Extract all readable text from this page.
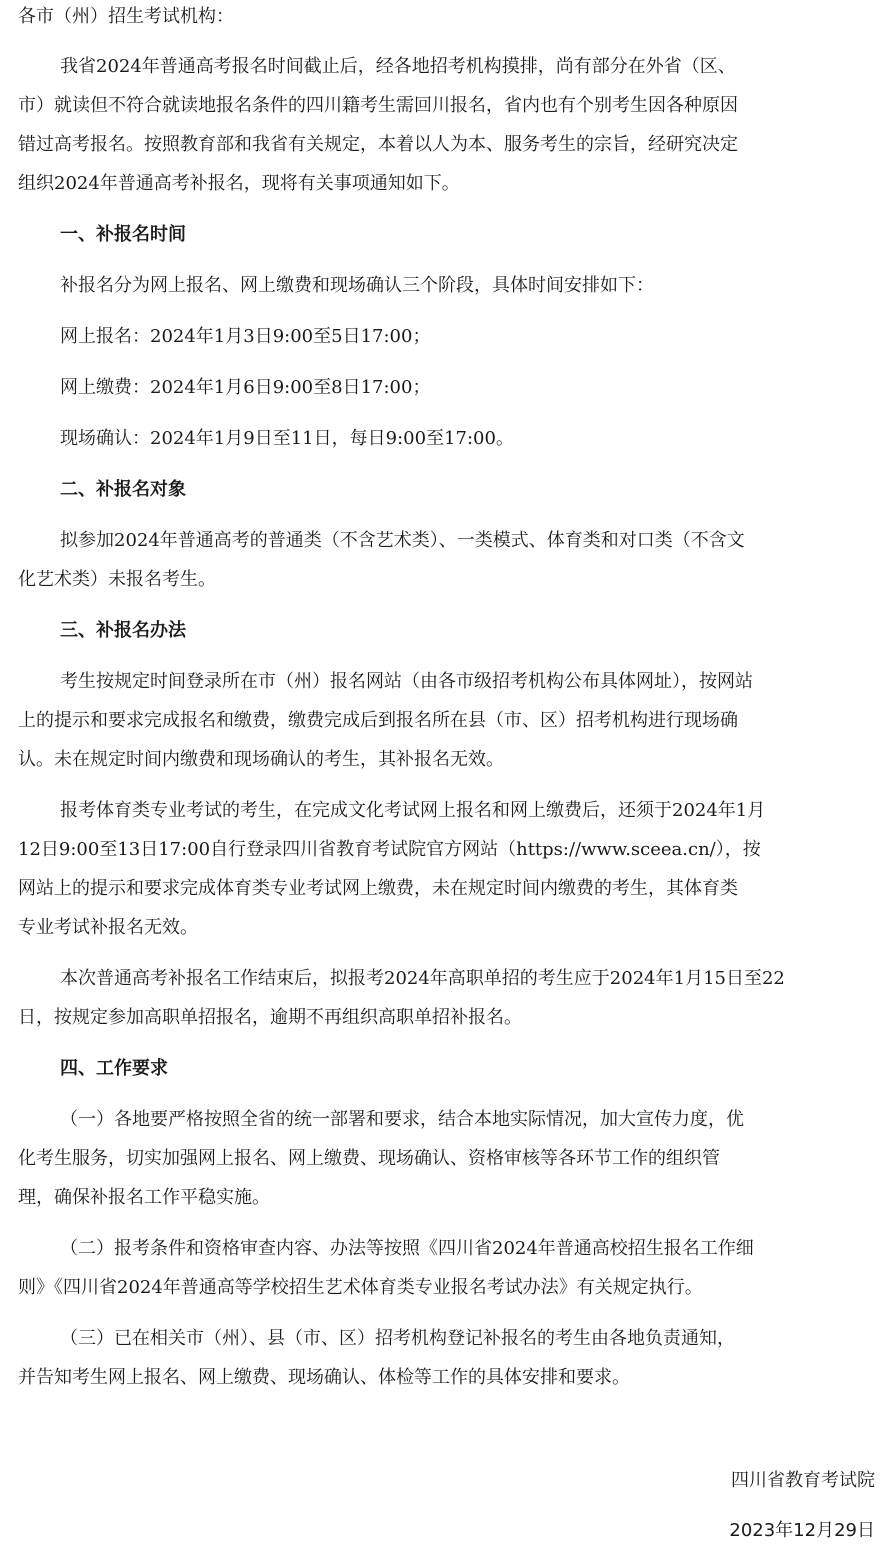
各市（州）招生考试机构：
我省2024年普通高考报名时间截止后，经各地招考机构摸排，尚有部分在外省（区、
市）就读但不符合就读地报名条件的四川籍考生需回川报名，省内也有个别考生因各种原因
错过高考报名。按照教育部和我省有关规定，本着以人为本、服务考生的宗旨，经研究决定
组织2024年普通高考补报名，现将有关事项通知如下。
一、补报名时间
补报名分为网上报名、网上缴费和现场确认三个阶段，具体时间安排如下：
网上报名：2024年1月3日9:00至5日17:00；
网上缴费：2024年1月6日9:00至8日17:00；
现场确认：2024年1月9日至11日，每日9:00至17:00。
二、补报名对象
拟参加2024年普通高考的普通类（不含艺术类）、一类模式、体育类和对口类（不含文
化艺术类）未报名考生。
三、补报名办法
考生按规定时间登录所在市（州）报名网站（由各市级招考机构公布具体网址），按网站
上的提示和要求完成报名和缴费，缴费完成后到报名所在县（市、区）招考机构进行现场确
认。未在规定时间内缴费和现场确认的考生，其补报名无效。
报考体育类专业考试的考生，在完成文化考试网上报名和网上缴费后，还须于2024年1月
12日9:00至13日17:00自行登录四川省教育考试院官方网站（https://www.sceea.cn/），按
网站上的提示和要求完成体育类专业考试网上缴费，未在规定时间内缴费的考生，其体育类
专业考试补报名无效。
本次普通高考补报名工作结束后，拟报考2024年高职单招的考生应于2024年1月15日至22
日，按规定参加高职单招报名，逾期不再组织高职单招补报名。
四、工作要求
（一）各地要严格按照全省的统一部署和要求，结合本地实际情况，加大宣传力度，优
化考生服务，切实加强网上报名、网上缴费、现场确认、资格审核等各环节工作的组织管
理，确保补报名工作平稳实施。
（二）报考条件和资格审查内容、办法等按照《四川省2024年普通高校招生报名工作细
则》《四川省2024年普通高等学校招生艺术体育类专业报名考试办法》有关规定执行。
（三）已在相关市（州）、县（市、区）招考机构登记补报名的考生由各地负责通知，
并告知考生网上报名、网上缴费、现场确认、体检等工作的具体安排和要求。
四川省教育考试院
2023年12月29日
